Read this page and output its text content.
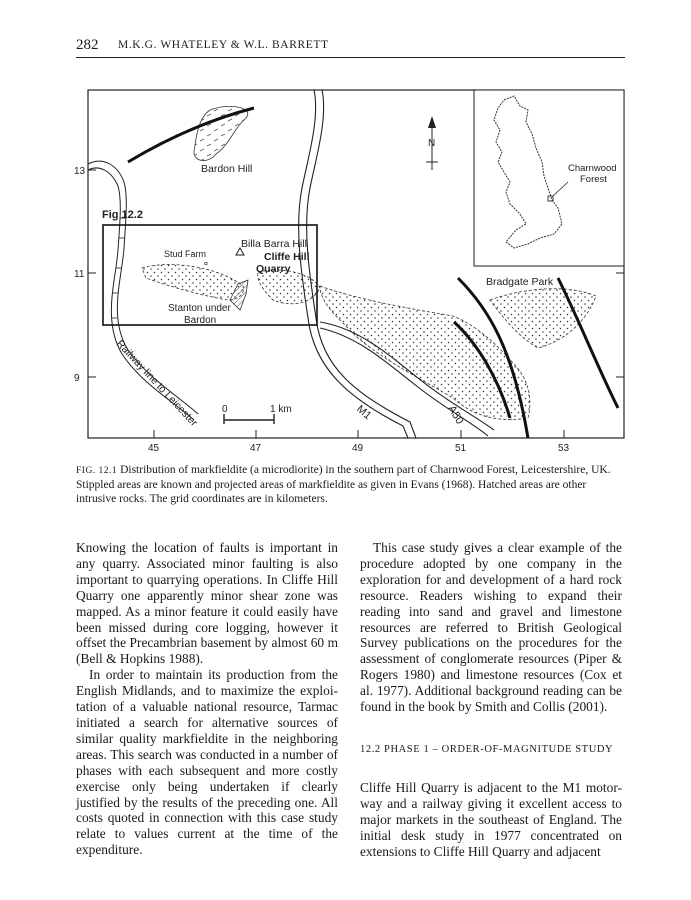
282 M.K.G. WHATELEY & W.L. BARRETT
13
11
9
45	47	49	51	53
N
0	1 km
Bardon Hill
Fig 12.2
Billa Barra Hill
Stud Farm	Cliffe Hill
Quarry
Stanton under
Bardon
Bradgate Park
Railway line to Leicester	M1	A50
¤
Charnwood
Forest
FIG. 12.1 Distribution of markfieldite (a microdiorite) in the southern part of Charnwood Forest, Leicestershire, UK. Stippled areas are known and projected areas of markfieldite as given in Evans (1968). Hatched areas are other intrusive rocks. The grid coordinates are in kilometers.

Knowing the location of faults is important in any quarry. Associated minor faulting is also important to quarrying operations. In Cliffe Hill Quarry one apparently minor shear zone was mapped. As a minor feature it could easily have been missed during core logging, however it offset the Precambrian basement by almost 60 m (Bell & Hopkins 1988).

In order to maintain its production from the English Midlands, and to maximize the exploi-tation of a valuable national resource, Tarmac initiated a search for alternative sources of similar quality markfieldite in the neighboring areas. This search was conducted in a number of phases with each subsequent and more costly exercise only being undertaken if clearly justified by the results of the preceding one. All costs quoted in connection with this case study relate to values current at the time of the expenditure.

This case study gives a clear example of the procedure adopted by one company in the exploration for and development of a hard rock resource. Readers wishing to expand their reading into sand and gravel and limestone resources are referred to British Geological Survey publications on the procedures for the assessment of conglomerate resources (Piper & Rogers 1980) and limestone resources (Cox et al. 1977). Additional background reading can be found in the book by Smith and Collis (2001).

12.2 PHASE 1 – ORDER-OF-MAGNITUDE STUDY

Cliffe Hill Quarry is adjacent to the M1 motor-way and a railway giving it excellent access to major markets in the southeast of England. The initial desk study in 1977 concentrated on extensions to Cliffe Hill Quarry and adjacent
